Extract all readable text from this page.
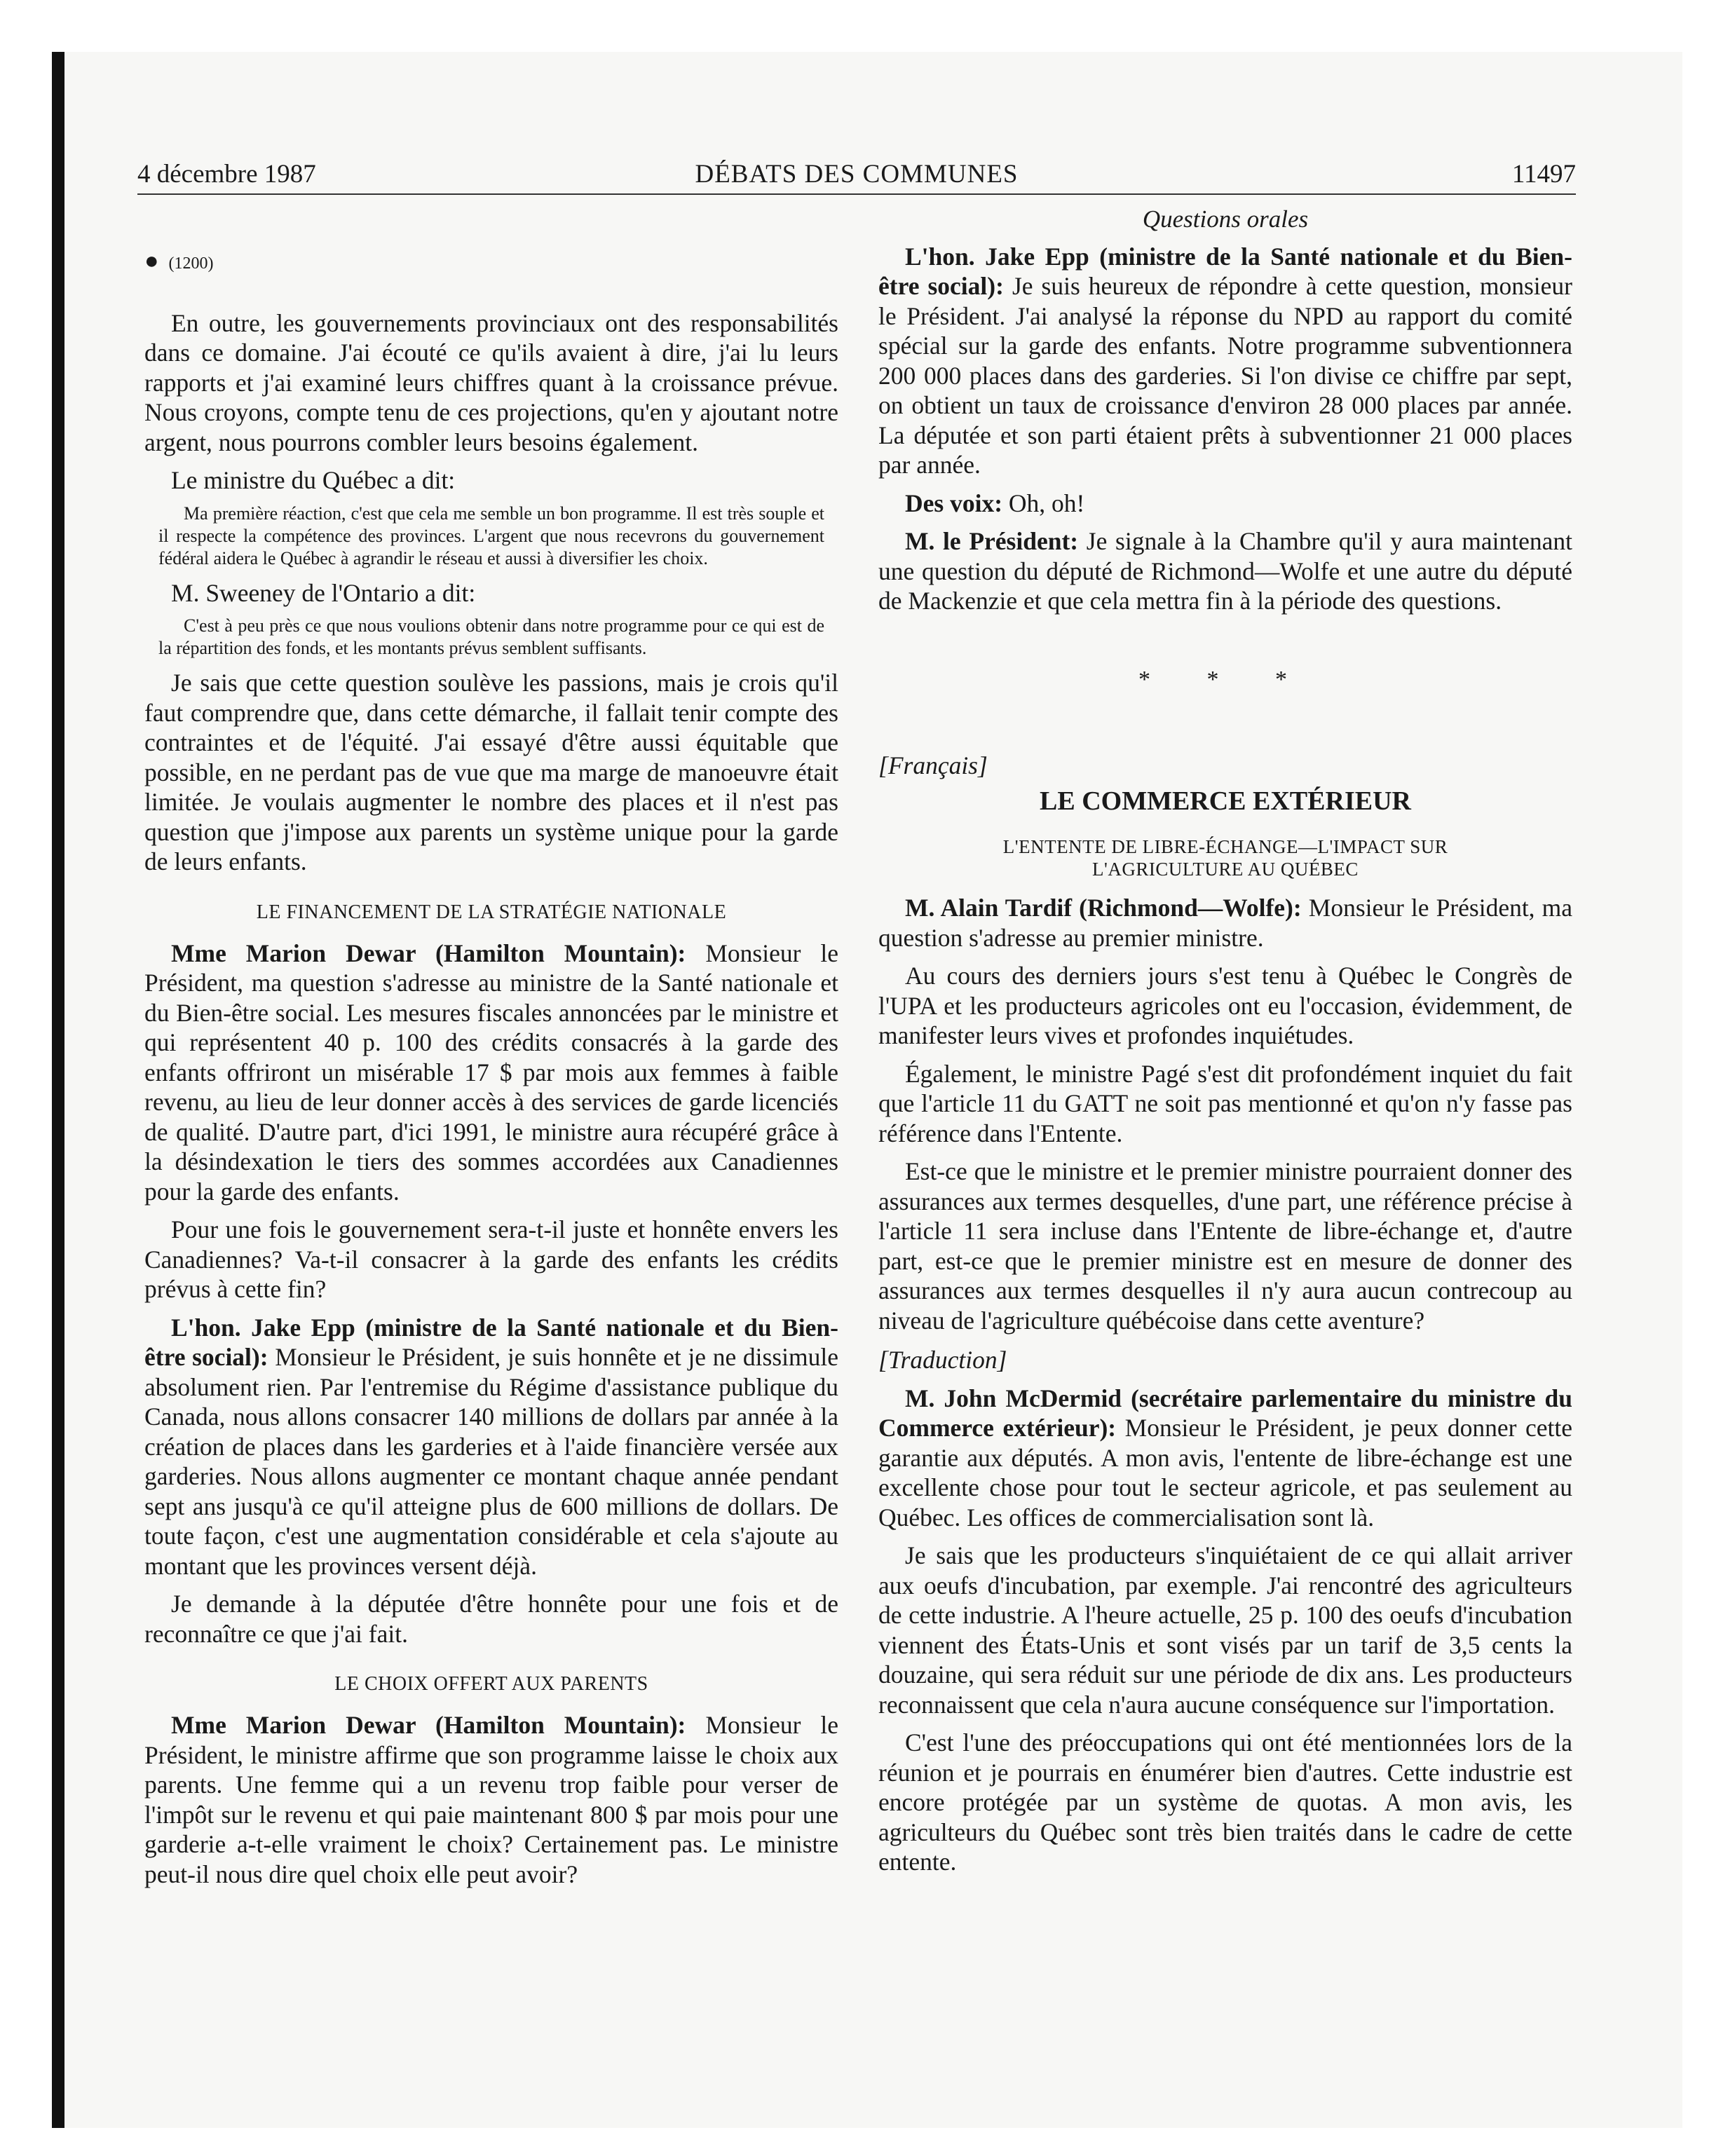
4 décembre 1987	DÉBATS DES COMMUNES	11497

● (1200)

En outre, les gouvernements provinciaux ont des responsabilités dans ce domaine. J'ai écouté ce qu'ils avaient à dire, j'ai lu leurs rapports et j'ai examiné leurs chiffres quant à la croissance prévue. Nous croyons, compte tenu de ces projections, qu'en y ajoutant notre argent, nous pourrons combler leurs besoins également.

Le ministre du Québec a dit:

Ma première réaction, c'est que cela me semble un bon programme. Il est très souple et il respecte la compétence des provinces. L'argent que nous recevrons du gouvernement fédéral aidera le Québec à agrandir le réseau et aussi à diversifier les choix.

M. Sweeney de l'Ontario a dit:

C'est à peu près ce que nous voulions obtenir dans notre programme pour ce qui est de la répartition des fonds, et les montants prévus semblent suffisants.

Je sais que cette question soulève les passions, mais je crois qu'il faut comprendre que, dans cette démarche, il fallait tenir compte des contraintes et de l'équité. J'ai essayé d'être aussi équitable que possible, en ne perdant pas de vue que ma marge de manoeuvre était limitée. Je voulais augmenter le nombre des places et il n'est pas question que j'impose aux parents un système unique pour la garde de leurs enfants.

LE FINANCEMENT DE LA STRATÉGIE NATIONALE

Mme Marion Dewar (Hamilton Mountain): Monsieur le Président, ma question s'adresse au ministre de la Santé nationale et du Bien-être social. Les mesures fiscales annoncées par le ministre et qui représentent 40 p. 100 des crédits consacrés à la garde des enfants offriront un misérable 17 $ par mois aux femmes à faible revenu, au lieu de leur donner accès à des services de garde licenciés de qualité. D'autre part, d'ici 1991, le ministre aura récupéré grâce à la désindexation le tiers des sommes accordées aux Canadiennes pour la garde des enfants.

Pour une fois le gouvernement sera-t-il juste et honnête envers les Canadiennes? Va-t-il consacrer à la garde des enfants les crédits prévus à cette fin?

L'hon. Jake Epp (ministre de la Santé nationale et du Bien-être social): Monsieur le Président, je suis honnête et je ne dissimule absolument rien. Par l'entremise du Régime d'assistance publique du Canada, nous allons consacrer 140 millions de dollars par année à la création de places dans les garderies et à l'aide financière versée aux garderies. Nous allons augmenter ce montant chaque année pendant sept ans jusqu'à ce qu'il atteigne plus de 600 millions de dollars. De toute façon, c'est une augmentation considérable et cela s'ajoute au montant que les provinces versent déjà.

Je demande à la députée d'être honnête pour une fois et de reconnaître ce que j'ai fait.

LE CHOIX OFFERT AUX PARENTS

Mme Marion Dewar (Hamilton Mountain): Monsieur le Président, le ministre affirme que son programme laisse le choix aux parents. Une femme qui a un revenu trop faible pour verser de l'impôt sur le revenu et qui paie maintenant 800 $ par mois pour une garderie a-t-elle vraiment le choix? Certainement pas. Le ministre peut-il nous dire quel choix elle peut avoir?

Questions orales

L'hon. Jake Epp (ministre de la Santé nationale et du Bien-être social): Je suis heureux de répondre à cette question, monsieur le Président. J'ai analysé la réponse du NPD au rapport du comité spécial sur la garde des enfants. Notre programme subventionnera 200 000 places dans des garderies. Si l'on divise ce chiffre par sept, on obtient un taux de croissance d'environ 28 000 places par année. La députée et son parti étaient prêts à subventionner 21 000 places par année.

Des voix: Oh, oh!

M. le Président: Je signale à la Chambre qu'il y aura maintenant une question du député de Richmond—Wolfe et une autre du député de Mackenzie et que cela mettra fin à la période des questions.

* * *

[Français]

LE COMMERCE EXTÉRIEUR

L'ENTENTE DE LIBRE-ÉCHANGE—L'IMPACT SUR
L'AGRICULTURE AU QUÉBEC

M. Alain Tardif (Richmond—Wolfe): Monsieur le Président, ma question s'adresse au premier ministre.

Au cours des derniers jours s'est tenu à Québec le Congrès de l'UPA et les producteurs agricoles ont eu l'occasion, évidemment, de manifester leurs vives et profondes inquiétudes.

Également, le ministre Pagé s'est dit profondément inquiet du fait que l'article 11 du GATT ne soit pas mentionné et qu'on n'y fasse pas référence dans l'Entente.

Est-ce que le ministre et le premier ministre pourraient donner des assurances aux termes desquelles, d'une part, une référence précise à l'article 11 sera incluse dans l'Entente de libre-échange et, d'autre part, est-ce que le premier ministre est en mesure de donner des assurances aux termes desquelles il n'y aura aucun contrecoup au niveau de l'agriculture québécoise dans cette aventure?

[Traduction]

M. John McDermid (secrétaire parlementaire du ministre du Commerce extérieur): Monsieur le Président, je peux donner cette garantie aux députés. A mon avis, l'entente de libre-échange est une excellente chose pour tout le secteur agricole, et pas seulement au Québec. Les offices de commercialisation sont là.

Je sais que les producteurs s'inquiétaient de ce qui allait arriver aux oeufs d'incubation, par exemple. J'ai rencontré des agriculteurs de cette industrie. A l'heure actuelle, 25 p. 100 des oeufs d'incubation viennent des États-Unis et sont visés par un tarif de 3,5 cents la douzaine, qui sera réduit sur une période de dix ans. Les producteurs reconnaissent que cela n'aura aucune conséquence sur l'importation.

C'est l'une des préoccupations qui ont été mentionnées lors de la réunion et je pourrais en énumérer bien d'autres. Cette industrie est encore protégée par un système de quotas. A mon avis, les agriculteurs du Québec sont très bien traités dans le cadre de cette entente.
